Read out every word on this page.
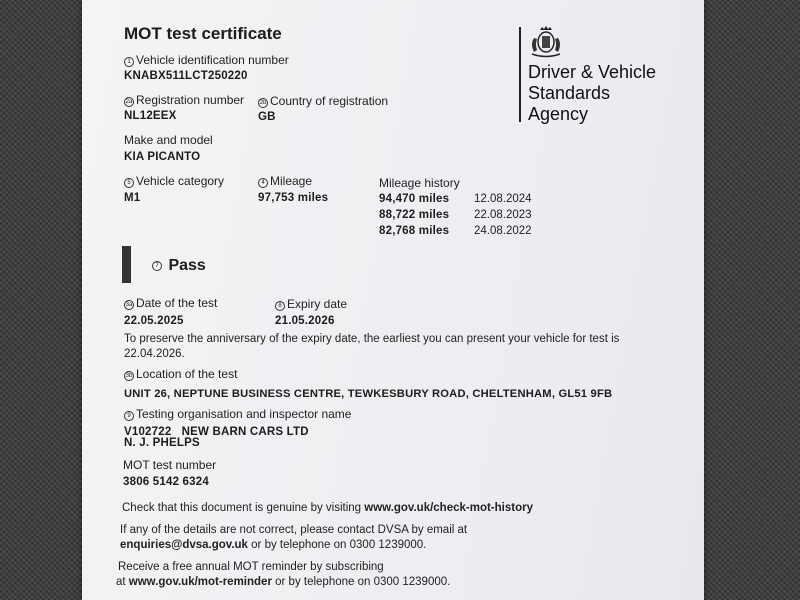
MOT test certificate
1 Vehicle identification number
KNABX511LCT250220
2a Registration number
NL12EEX
2b Country of registration
GB
Make and model
KIA PICANTO
5 Vehicle category
M1
4 Mileage
97,753 miles
Mileage history
94,470 miles 12.08.2024
88,722 miles 22.08.2023
82,768 miles 24.08.2022
Driver & Vehicle
Standards
Agency
7 Pass
3a Date of the test
22.05.2025
8 Expiry date
21.05.2026
To preserve the anniversary of the expiry date, the earliest you can present your vehicle for test is
22.04.2026.
3b Location of the test
UNIT 26, NEPTUNE BUSINESS CENTRE, TEWKESBURY ROAD, CHELTENHAM, GL51 9FB
9 Testing organisation and inspector name
V102722   NEW BARN CARS LTD
N. J. PHELPS
MOT test number
3806 5142 6324
Check that this document is genuine by visiting www.gov.uk/check-mot-history
If any of the details are not correct, please contact DVSA by email at
enquiries@dvsa.gov.uk or by telephone on 0300 1239000.
Receive a free annual MOT reminder by subscribing
at www.gov.uk/mot-reminder or by telephone on 0300 1239000.
